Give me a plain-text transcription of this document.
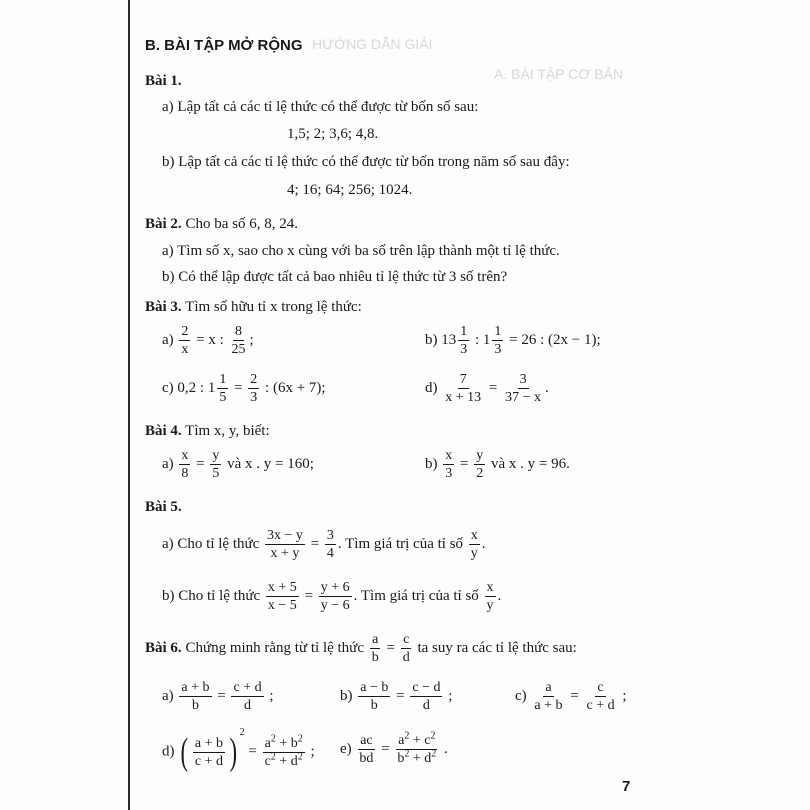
HƯỚNG DẪN GIẢI
A. BÀI TẬP CƠ BẢN
B. BÀI TẬP MỞ RỘNG
Bài 1.
a) Lập tất cả các tỉ lệ thức có thể được từ bốn số sau:
1,5; 2; 3,6; 4,8.
b) Lập tất cả các tỉ lệ thức có thể được từ bốn trong năm số sau đây:
4; 16; 64; 256; 1024.
Bài 2. Cho ba số 6, 8, 24.
a) Tìm số x, sao cho x cùng với ba số trên lập thành một tỉ lệ thức.
b) Có thể lập được tất cả bao nhiêu tỉ lệ thức từ 3 số trên?
Bài 3. Tìm số hữu tỉ x trong lệ thức:
$a) \frac{2}{x} = x$ : $\frac{8}{25}$ ;	b) $13 \frac{1}{3}$ : $1 \frac{1}{3} = 26$ : (2x − 1);
c) 0,2 : $1 \frac{1}{5} = \frac{2}{3}$ : (6x + 7);	$d) \frac{7}{x + 13} = \frac{3}{37 - x}$ .
Bài 4. Tìm x, y, biết:
$a) \frac{x}{8} = \frac{y}{5}$ và x . y = 160;	$b) \frac{x}{3} = \frac{y}{2}$ và x . y = 96.
Bài 5.
a) Cho tỉ lệ thức $\frac{3x - y}{x + y} = \frac{3}{4}$ . Tìm giá trị của tỉ số $\frac{x}{y}$ .
b) Cho tỉ lệ thức $\frac{x + 5}{x - 5} = \frac{y + 6}{y - 6}$ . Tìm giá trị của tỉ số $\frac{x}{y}$ .
Bài 6. Chứng minh rằng từ tỉ lệ thức $\frac{a}{b} = \frac{c}{d}$ ta suy ra các tỉ lệ thức sau:
$a) \frac{a + b}{b} = \frac{c + d}{d}$ ;	$b) \frac{a - b}{b} = \frac{c - d}{d}$ ;	$c) \frac{a}{a + b} = \frac{c}{c + d}$ ;
d) ( $\frac{a + b}{c + d}$ ) $^2 = \frac{a^2 + b^2}{c^2 + d^2}$ ; $e) \frac{ac}{bd} = \frac{a^2 + c^2}{b^2 + d^2}$ .
7
